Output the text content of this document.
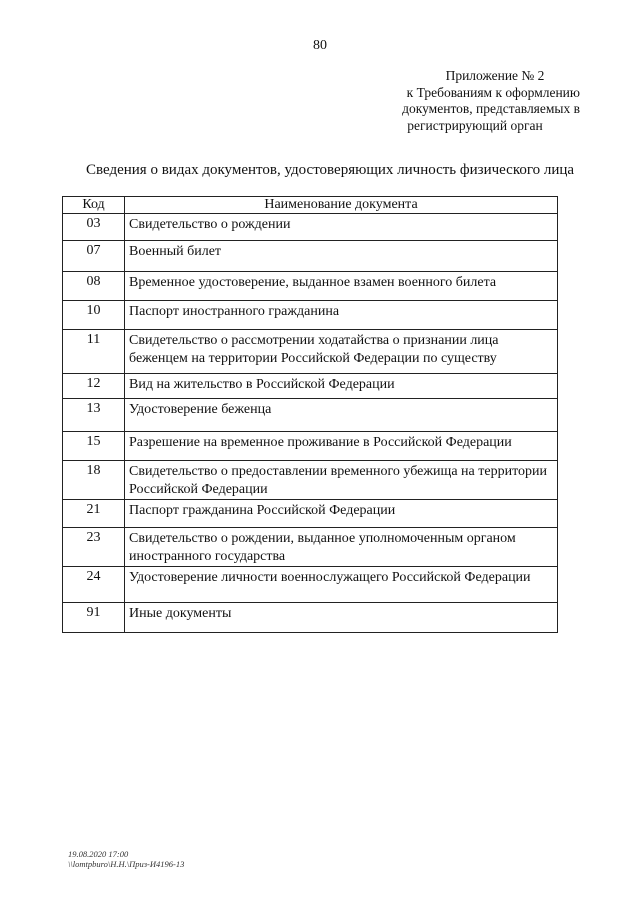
80
Приложение № 2
к Требованиям к оформлению
документов, представляемых в
регистрирующий орган
Сведения о видах документов, удостоверяющих личность физического лица
Код	Наименование документа
03	Свидетельство о рождении
07	Военный билет
08	Временное удостоверение, выданное взамен военного билета
10	Паспорт иностранного гражданина
11	Свидетельство о рассмотрении ходатайства о признании лица беженцем на территории Российской Федерации по существу
12	Вид на жительство в Российской Федерации
13	Удостоверение беженца
15	Разрешение на временное проживание в Российской Федерации
18	Свидетельство о предоставлении временного убежища на территории Российской Федерации
21	Паспорт гражданина Российской Федерации
23	Свидетельство о рождении, выданное уполномоченным органом иностранного государства
24	Удостоверение личности военнослужащего Российской Федерации
91	Иные документы
19.08.2020 17:00
\\lomtpburo\Н.Н.\Приз-И4196-13
